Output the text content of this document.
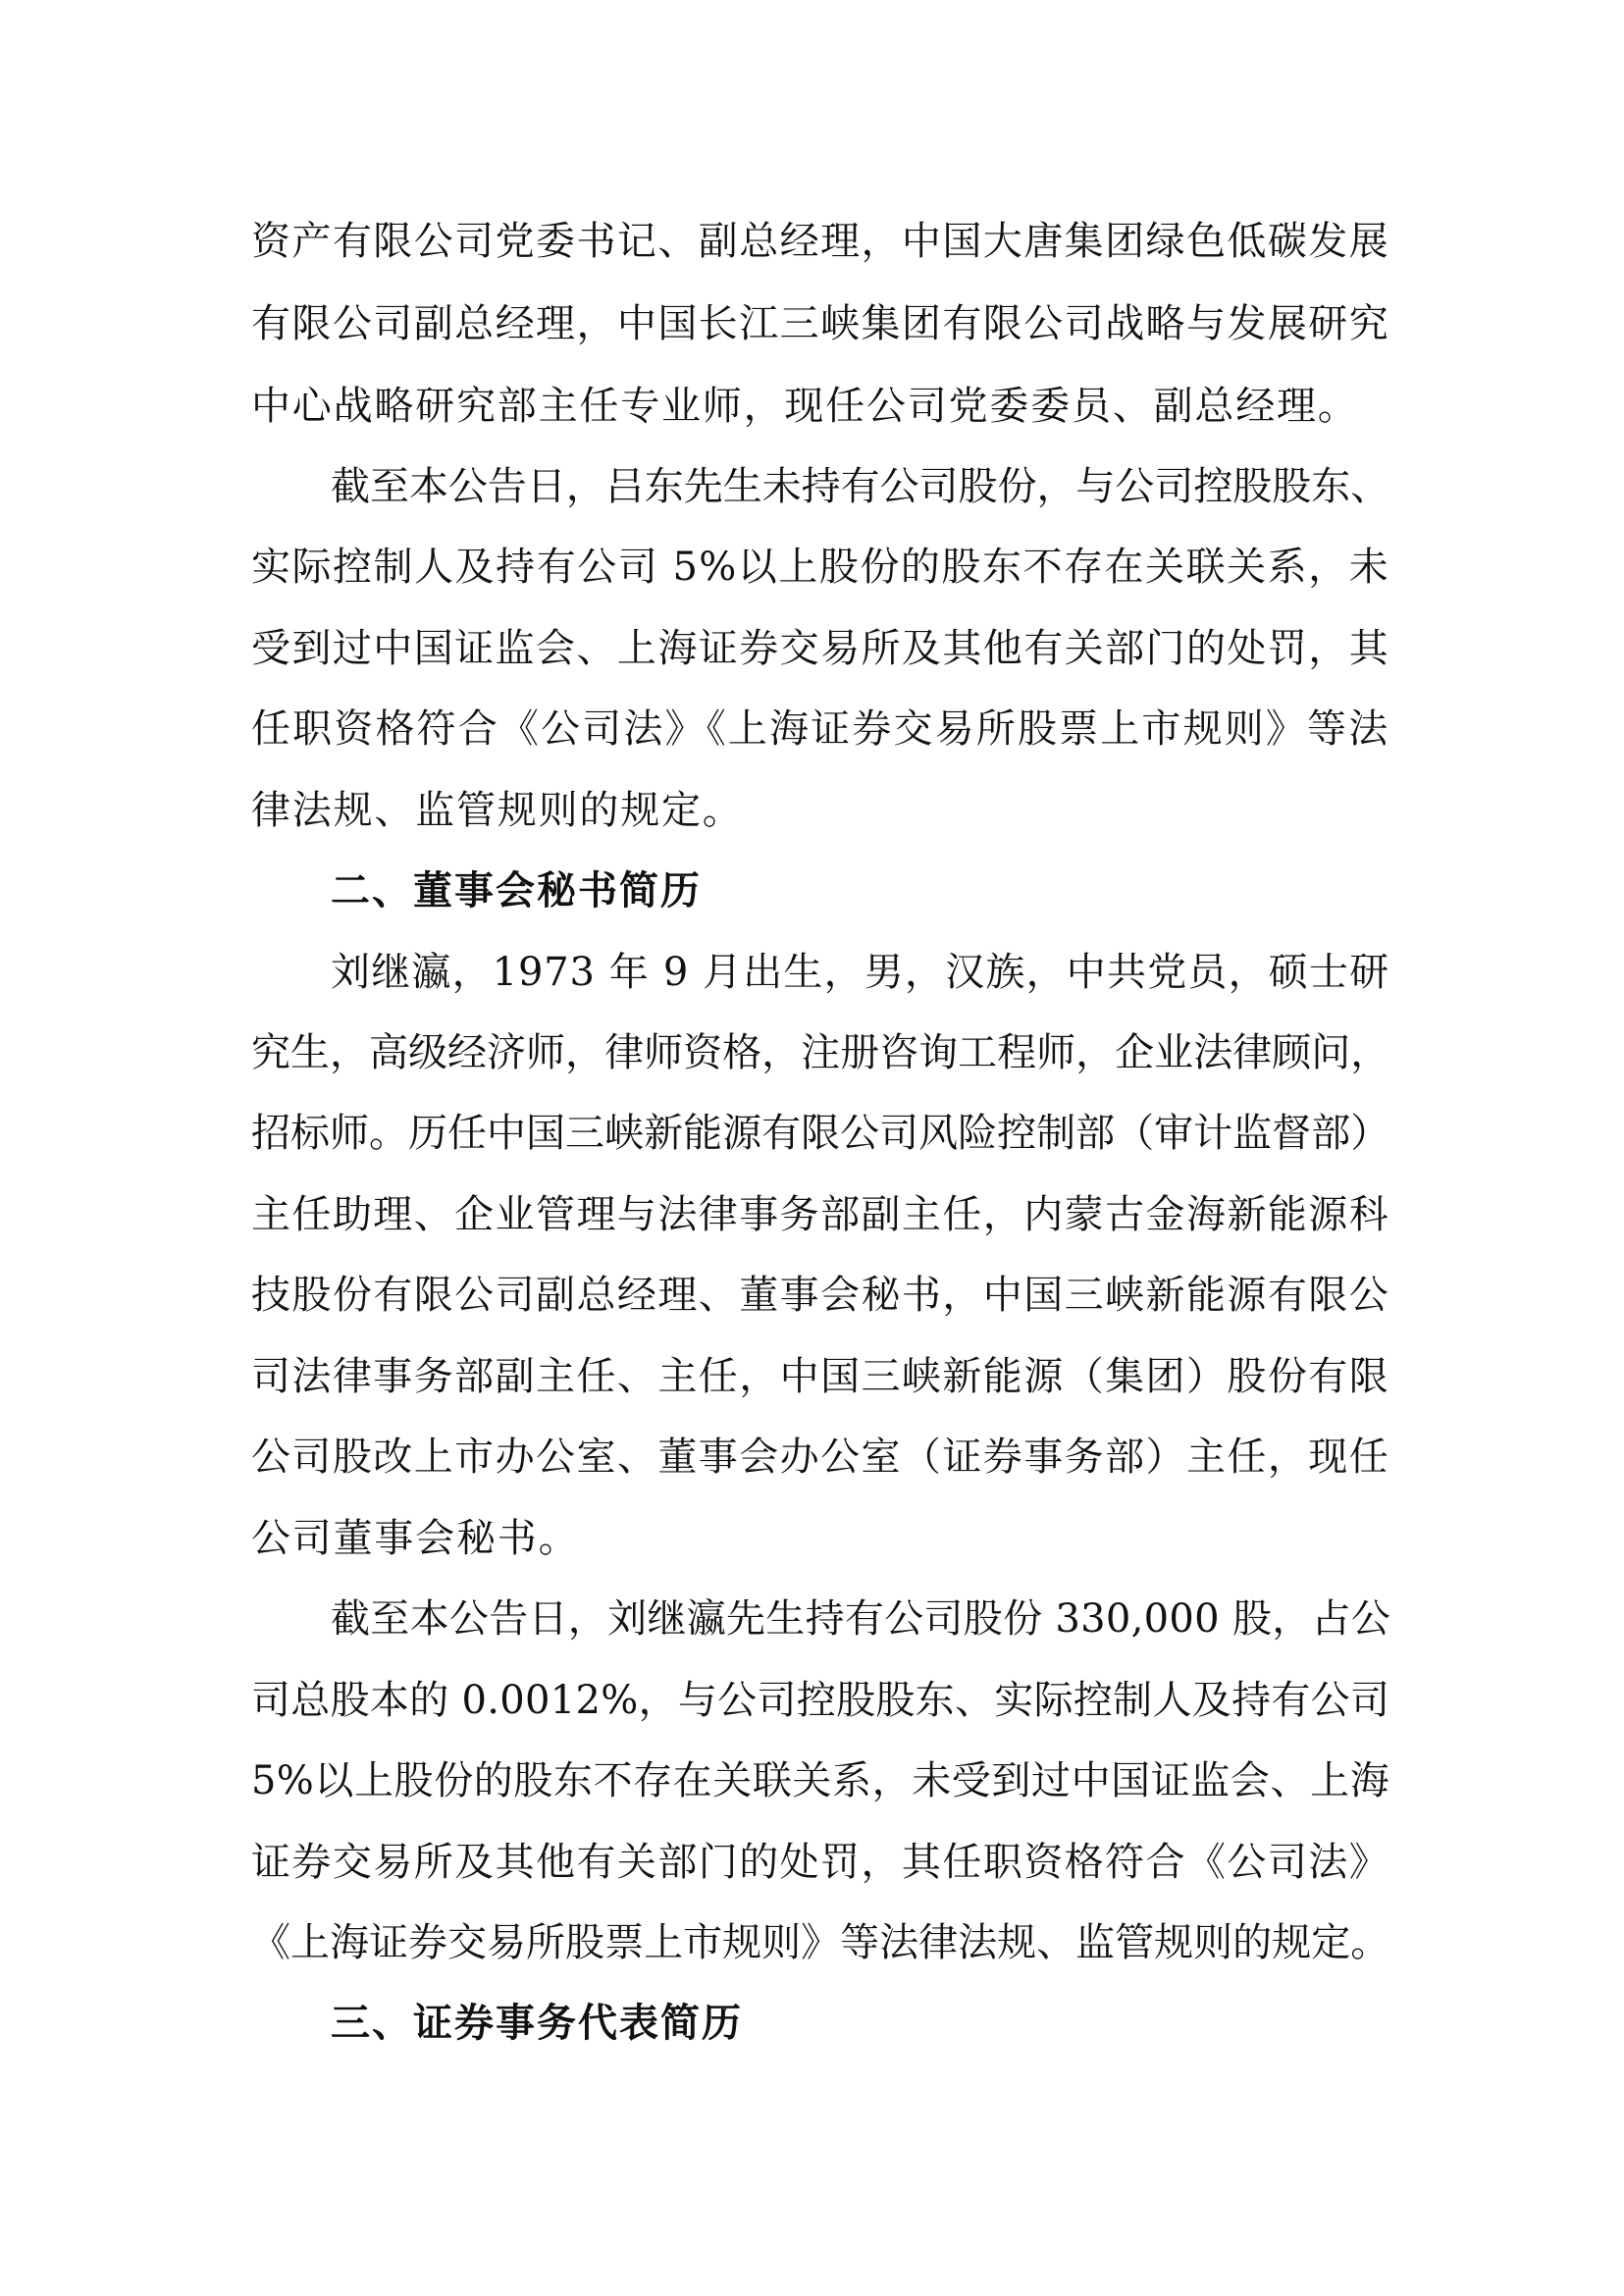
资产有限公司党委书记、副总经理，中国大唐集团绿色低碳发展
有限公司副总经理，中国长江三峡集团有限公司战略与发展研究
中心战略研究部主任专业师，现任公司党委委员、副总经理。
截至本公告日，吕东先生未持有公司股份，与公司控股股东、
实际控制人及持有公司 5%以上股份的股东不存在关联关系，未
受到过中国证监会、上海证券交易所及其他有关部门的处罚，其
任职资格符合《公司法》《上海证券交易所股票上市规则》等法
律法规、监管规则的规定。
二、董事会秘书简历
刘继瀛，1973 年 9 月出生，男，汉族，中共党员，硕士研
究生，高级经济师，律师资格，注册咨询工程师，企业法律顾问，
招标师。历任中国三峡新能源有限公司风险控制部（审计监督部）
主任助理、企业管理与法律事务部副主任，内蒙古金海新能源科
技股份有限公司副总经理、董事会秘书，中国三峡新能源有限公
司法律事务部副主任、主任，中国三峡新能源（集团）股份有限
公司股改上市办公室、董事会办公室（证券事务部）主任，现任
公司董事会秘书。
截至本公告日，刘继瀛先生持有公司股份 330,000 股，占公
司总股本的 0.0012%，与公司控股股东、实际控制人及持有公司
5%以上股份的股东不存在关联关系，未受到过中国证监会、上海
证券交易所及其他有关部门的处罚，其任职资格符合《公司法》
《上海证券交易所股票上市规则》等法律法规、监管规则的规定。
三、证券事务代表简历
